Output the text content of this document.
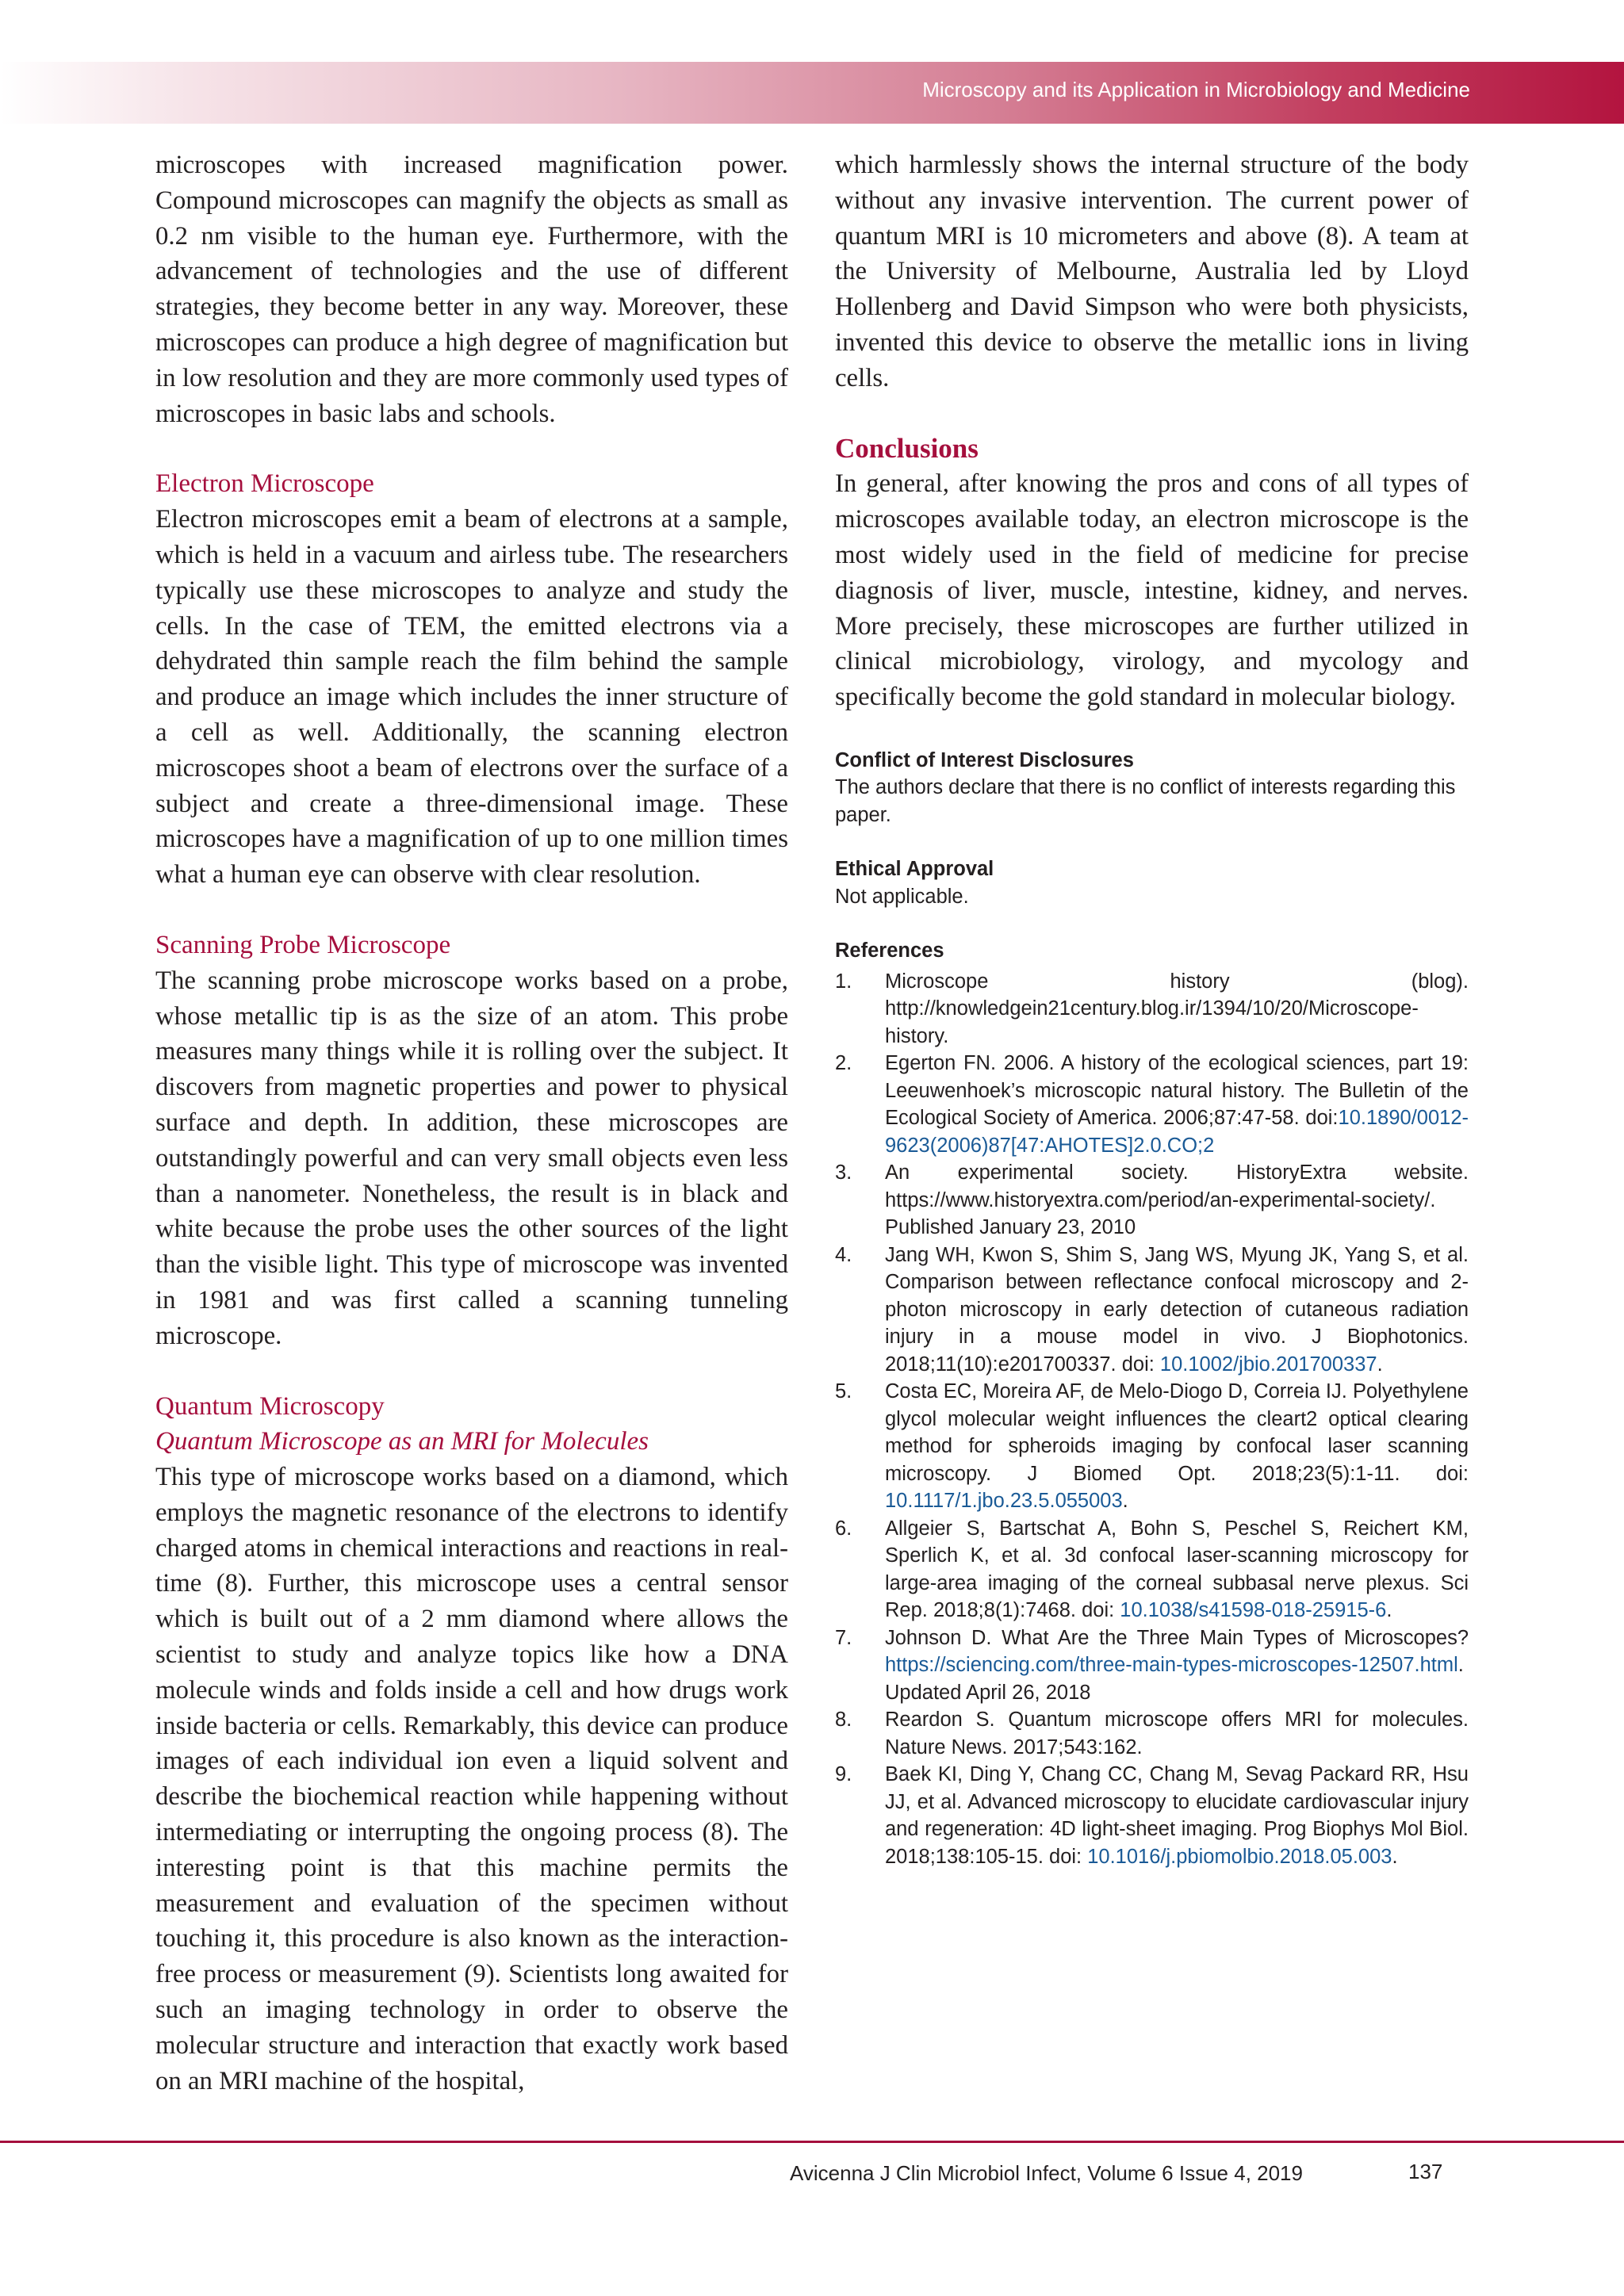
Microscopy and its Application in Microbiology and Medicine

microscopes with increased magnification power. Compound microscopes can magnify the objects as small as 0.2 nm visible to the human eye. Furthermore, with the advancement of technologies and the use of different strategies, they become better in any way. Moreover, these microscopes can produce a high degree of magnification but in low resolution and they are more commonly used types of microscopes in basic labs and schools.

Electron Microscope

Electron microscopes emit a beam of electrons at a sample, which is held in a vacuum and airless tube. The researchers typically use these microscopes to analyze and study the cells. In the case of TEM, the emitted electrons via a dehydrated thin sample reach the film behind the sample and produce an image which includes the inner structure of a cell as well. Additionally, the scanning electron microscopes shoot a beam of electrons over the surface of a subject and create a three-dimensional image. These microscopes have a magnification of up to one million times what a human eye can observe with clear resolution.

Scanning Probe Microscope

The scanning probe microscope works based on a probe, whose metallic tip is as the size of an atom. This probe measures many things while it is rolling over the subject. It discovers from magnetic properties and power to physical surface and depth. In addition, these microscopes are outstandingly powerful and can very small objects even less than a nanometer. Nonetheless, the result is in black and white because the probe uses the other sources of the light than the visible light. This type of microscope was invented in 1981 and was first called a scanning tunneling microscope.

Quantum Microscopy

Quantum Microscope as an MRI for Molecules

This type of microscope works based on a diamond, which employs the magnetic resonance of the electrons to identify charged atoms in chemical interactions and reactions in real-time (8). Further, this microscope uses a central sensor which is built out of a 2 mm diamond where allows the scientist to study and analyze topics like how a DNA molecule winds and folds inside a cell and how drugs work inside bacteria or cells. Remarkably, this device can produce images of each individual ion even a liquid solvent and describe the biochemical reaction while happening without intermediating or interrupting the ongoing process (8). The interesting point is that this machine permits the measurement and evaluation of the specimen without touching it, this procedure is also known as the interaction-free process or measurement (9). Scientists long awaited for such an imaging technology in order to observe the molecular structure and interaction that exactly work based on an MRI machine of the hospital,

which harmlessly shows the internal structure of the body without any invasive intervention. The current power of quantum MRI is 10 micrometers and above (8). A team at the University of Melbourne, Australia led by Lloyd Hollenberg and David Simpson who were both physicists, invented this device to observe the metallic ions in living cells.

Conclusions

In general, after knowing the pros and cons of all types of microscopes available today, an electron microscope is the most widely used in the field of medicine for precise diagnosis of liver, muscle, intestine, kidney, and nerves. More precisely, these microscopes are further utilized in clinical microbiology, virology, and mycology and specifically become the gold standard in molecular biology.

Conflict of Interest Disclosures

The authors declare that there is no conflict of interests regarding this paper.

Ethical Approval

Not applicable.

References

1. Microscope history (blog). http://knowledgein21century.blog.ir/1394/10/20/Microscope-history.
2. Egerton FN. 2006. A history of the ecological sciences, part 19: Leeuwenhoek’s microscopic natural history. The Bulletin of the Ecological Society of America. 2006;87:47-58. doi:10.1890/0012-9623(2006)87[47:AHOTES]2.0.CO;2
3. An experimental society. HistoryExtra website. https://www.historyextra.com/period/an-experimental-society/. Published January 23, 2010
4. Jang WH, Kwon S, Shim S, Jang WS, Myung JK, Yang S, et al. Comparison between reflectance confocal microscopy and 2-photon microscopy in early detection of cutaneous radiation injury in a mouse model in vivo. J Biophotonics. 2018;11(10):e201700337. doi: 10.1002/jbio.201700337.
5. Costa EC, Moreira AF, de Melo-Diogo D, Correia IJ. Polyethylene glycol molecular weight influences the cleart2 optical clearing method for spheroids imaging by confocal laser scanning microscopy. J Biomed Opt. 2018;23(5):1-11. doi: 10.1117/1.jbo.23.5.055003.
6. Allgeier S, Bartschat A, Bohn S, Peschel S, Reichert KM, Sperlich K, et al. 3d confocal laser-scanning microscopy for large-area imaging of the corneal subbasal nerve plexus. Sci Rep. 2018;8(1):7468. doi: 10.1038/s41598-018-25915-6.
7. Johnson D. What Are the Three Main Types of Microscopes? https://sciencing.com/three-main-types-microscopes-12507.html. Updated April 26, 2018
8. Reardon S. Quantum microscope offers MRI for molecules. Nature News. 2017;543:162.
9. Baek KI, Ding Y, Chang CC, Chang M, Sevag Packard RR, Hsu JJ, et al. Advanced microscopy to elucidate cardiovascular injury and regeneration: 4D light-sheet imaging. Prog Biophys Mol Biol. 2018;138:105-15. doi: 10.1016/j.pbiomolbio.2018.05.003.
Avicenna J Clin Microbiol Infect, Volume 6 Issue 4, 2019	137
